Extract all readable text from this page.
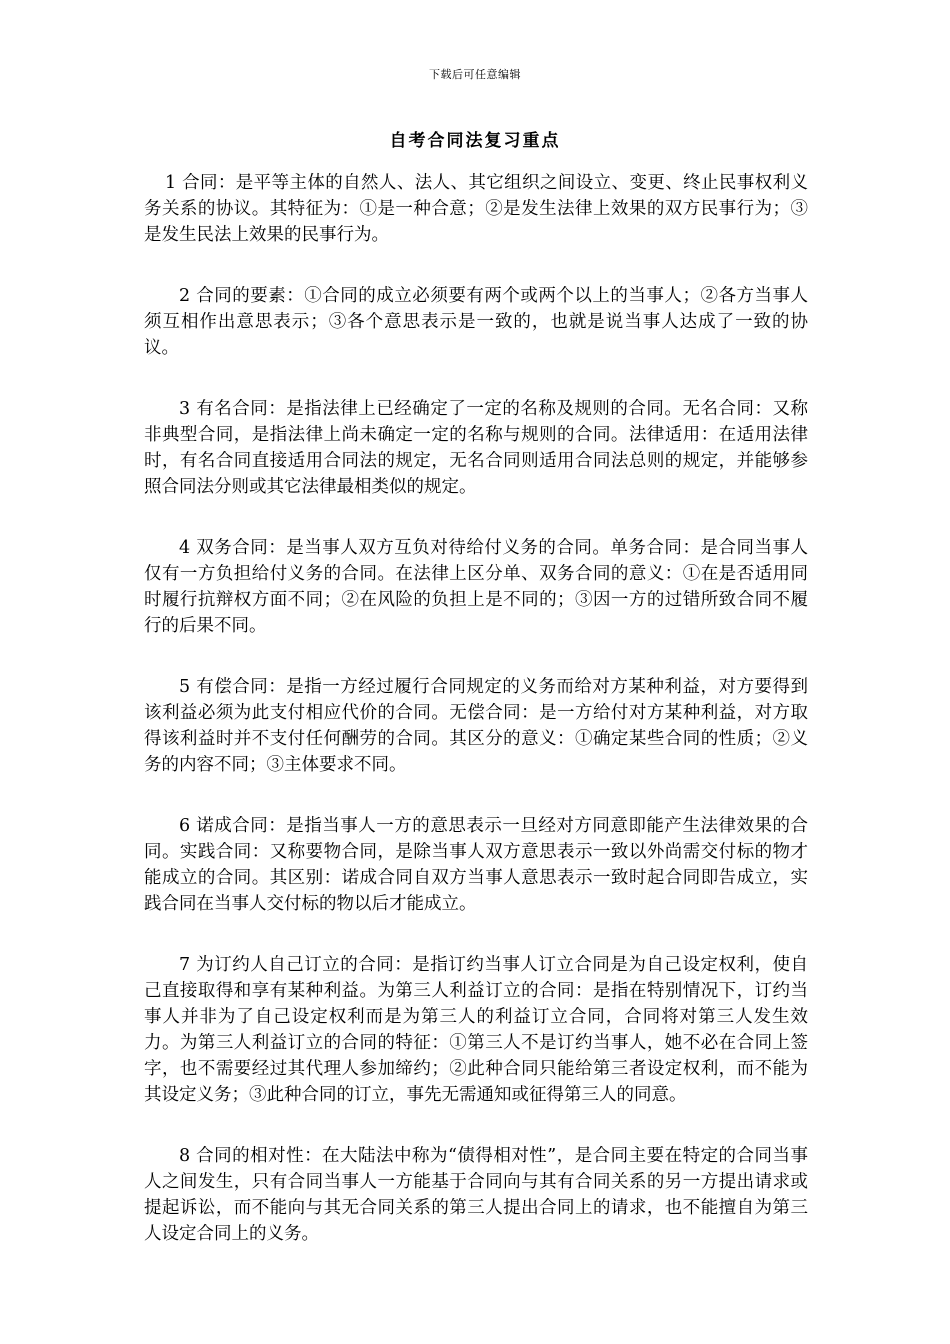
下载后可任意编辑
自考合同法复习重点

1 合同：是平等主体的自然人、法人、其它组织之间设立、变更、终止民事权利义务关系的协议。其特征为：①是一种合意；②是发生法律上效果的双方民事行为；③是发生民法上效果的民事行为。

2 合同的要素：①合同的成立必须要有两个或两个以上的当事人；②各方当事人须互相作出意思表示；③各个意思表示是一致的，也就是说当事人达成了一致的协议。

3 有名合同：是指法律上已经确定了一定的名称及规则的合同。无名合同：又称非典型合同，是指法律上尚未确定一定的名称与规则的合同。法律适用：在适用法律时，有名合同直接适用合同法的规定，无名合同则适用合同法总则的规定，并能够参照合同法分则或其它法律最相类似的规定。

4 双务合同：是当事人双方互负对待给付义务的合同。单务合同：是合同当事人仅有一方负担给付义务的合同。在法律上区分单、双务合同的意义：①在是否适用同时履行抗辩权方面不同；②在风险的负担上是不同的；③因一方的过错所致合同不履行的后果不同。

5 有偿合同：是指一方经过履行合同规定的义务而给对方某种利益，对方要得到该利益必须为此支付相应代价的合同。无偿合同：是一方给付对方某种利益，对方取得该利益时并不支付任何酬劳的合同。其区分的意义：①确定某些合同的性质；②义务的内容不同；③主体要求不同。

6 诺成合同：是指当事人一方的意思表示一旦经对方同意即能产生法律效果的合同。实践合同：又称要物合同，是除当事人双方意思表示一致以外尚需交付标的物才能成立的合同。其区别：诺成合同自双方当事人意思表示一致时起合同即告成立，实践合同在当事人交付标的物以后才能成立。

7 为订约人自己订立的合同：是指订约当事人订立合同是为自己设定权利，使自己直接取得和享有某种利益。为第三人利益订立的合同：是指在特别情况下，订约当事人并非为了自己设定权利而是为第三人的利益订立合同，合同将对第三人发生效力。为第三人利益订立的合同的特征：①第三人不是订约当事人，她不必在合同上签字，也不需要经过其代理人参加缔约；②此种合同只能给第三者设定权利，而不能为其设定义务；③此种合同的订立，事先无需通知或征得第三人的同意。

8 合同的相对性：在大陆法中称为“债得相对性”，是合同主要在特定的合同当事人之间发生，只有合同当事人一方能基于合同向与其有合同关系的另一方提出请求或提起诉讼，而不能向与其无合同关系的第三人提出合同上的请求，也不能擅自为第三人设定合同上的义务。
